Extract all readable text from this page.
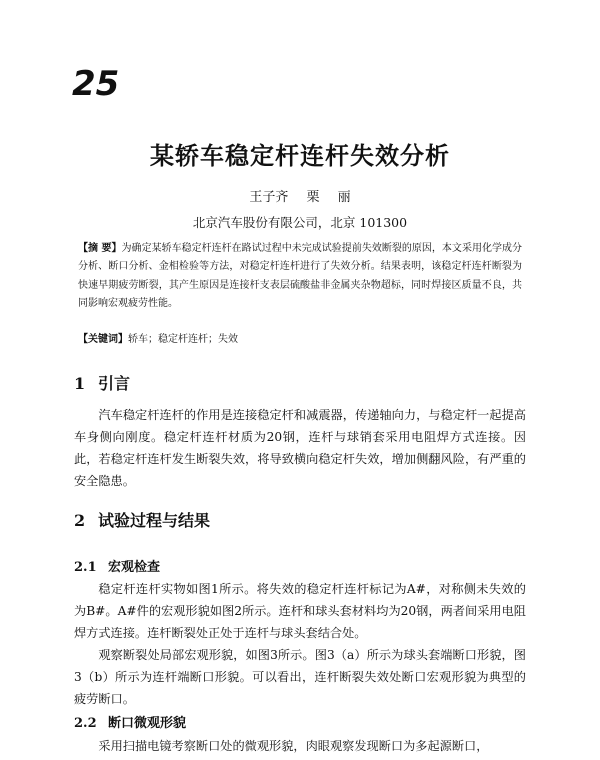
25
某轿车稳定杆连杆失效分析
王子齐 栗 丽
北京汽车股份有限公司，北京 101300
【摘 要】为确定某轿车稳定杆连杆在路试过程中未完成试验提前失效断裂的原因，本文采用化学成分分析、断口分析、金相检验等方法，对稳定杆连杆进行了失效分析。结果表明，该稳定杆连杆断裂为快速早期疲劳断裂，其产生原因是连接杆支表层硫酸盐非金属夹杂物超标，同时焊接区质量不良，共同影响宏观疲劳性能。
【关键词】轿车；稳定杆连杆；失效
1 引言
汽车稳定杆连杆的作用是连接稳定杆和减震器，传递轴向力，与稳定杆一起提高车身侧向刚度。稳定杆连杆材质为20钢，连杆与球销套采用电阻焊方式连接。因此，若稳定杆连杆发生断裂失效，将导致横向稳定杆失效，增加侧翻风险，有严重的安全隐患。
2 试验过程与结果
2.1 宏观检查
稳定杆连杆实物如图1所示。将失效的稳定杆连杆标记为A#，对称侧未失效的为B#。A#件的宏观形貌如图2所示。连杆和球头套材料均为20钢，两者间采用电阻焊方式连接。连杆断裂处正处于连杆与球头套结合处。
观察断裂处局部宏观形貌，如图3所示。图3（a）所示为球头套端断口形貌，图3（b）所示为连杆端断口形貌。可以看出，连杆断裂失效处断口宏观形貌为典型的疲劳断口。
2.2 断口微观形貌
采用扫描电镜考察断口处的微观形貌，肉眼观察发现断口为多起源断口，
